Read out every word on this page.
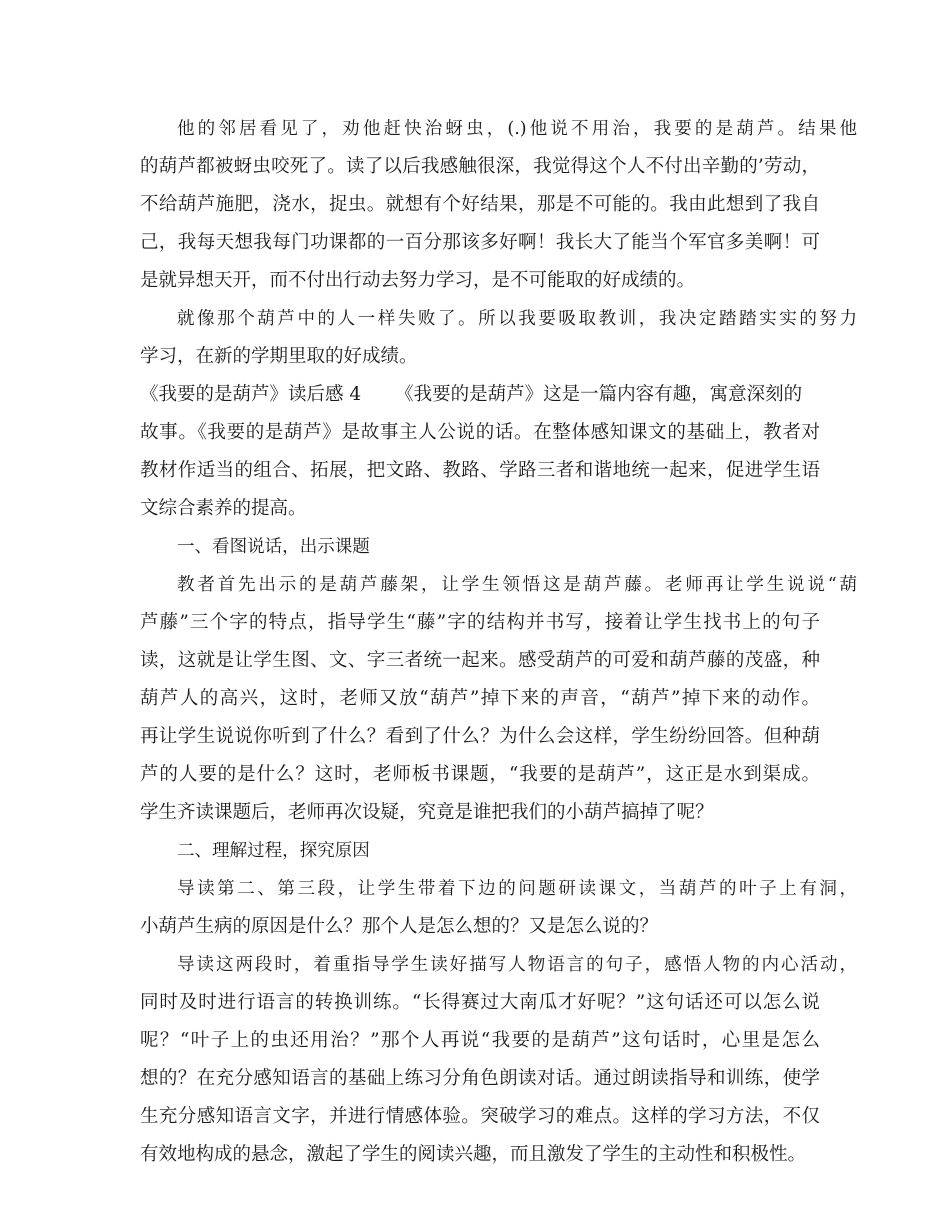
他的邻居看见了，劝他赶快治蚜虫，(.)他说不用治，我要的是葫芦。结果他
的葫芦都被蚜虫咬死了。读了以后我感触很深，我觉得这个人不付出辛勤的’劳动，
不给葫芦施肥，浇水，捉虫。就想有个好结果，那是不可能的。我由此想到了我自
己，我每天想我每门功课都的一百分那该多好啊！我长大了能当个军官多美啊！可
是就异想天开，而不付出行动去努力学习，是不可能取的好成绩的。
就像那个葫芦中的人一样失败了。所以我要吸取教训，我决定踏踏实实的努力
学习，在新的学期里取的好成绩。
《我要的是葫芦》读后感 4 《我要的是葫芦》这是一篇内容有趣，寓意深刻的
故事。《我要的是葫芦》是故事主人公说的话。在整体感知课文的基础上，教者对
教材作适当的组合、拓展，把文路、教路、学路三者和谐地统一起来，促进学生语
文综合素养的提高。
一、看图说话，出示课题
教者首先出示的是葫芦藤架，让学生领悟这是葫芦藤。老师再让学生说说“葫
芦藤”三个字的特点，指导学生“藤”字的结构并书写，接着让学生找书上的句子
读，这就是让学生图、文、字三者统一起来。感受葫芦的可爱和葫芦藤的茂盛，种
葫芦人的高兴，这时，老师又放“葫芦”掉下来的声音，“葫芦”掉下来的动作。
再让学生说说你听到了什么？看到了什么？为什么会这样，学生纷纷回答。但种葫
芦的人要的是什么？这时，老师板书课题，“我要的是葫芦”，这正是水到渠成。
学生齐读课题后，老师再次设疑，究竟是谁把我们的小葫芦搞掉了呢？
二、理解过程，探究原因
导读第二、第三段，让学生带着下边的问题研读课文，当葫芦的叶子上有洞，
小葫芦生病的原因是什么？那个人是怎么想的？又是怎么说的？
导读这两段时，着重指导学生读好描写人物语言的句子，感悟人物的内心活动，
同时及时进行语言的转换训练。“长得赛过大南瓜才好呢？”这句话还可以怎么说
呢？“叶子上的虫还用治？”那个人再说“我要的是葫芦”这句话时，心里是怎么
想的？在充分感知语言的基础上练习分角色朗读对话。通过朗读指导和训练，使学
生充分感知语言文字，并进行情感体验。突破学习的难点。这样的学习方法，不仅
有效地构成的悬念，激起了学生的阅读兴趣，而且激发了学生的主动性和积极性。
